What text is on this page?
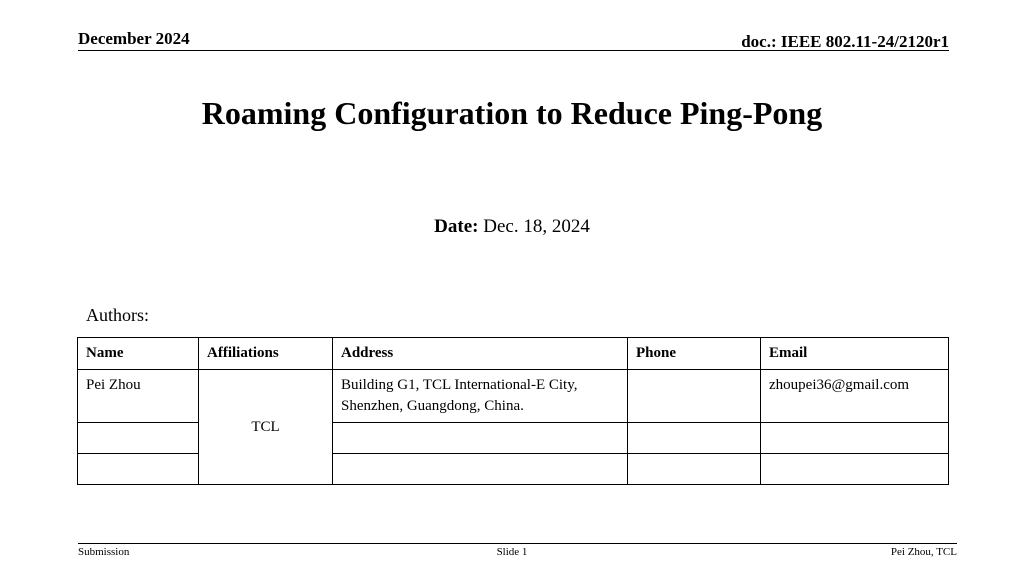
December 2024	doc.: IEEE 802.11-24/2120r1
Roaming Configuration to Reduce Ping-Pong
Date: Dec. 18, 2024
Authors:
Name	Affiliations	Address	Phone	Email
Pei Zhou	TCL	Building G1, TCL International-E City, Shenzhen, Guangdong, China.		zhoupei36@gmail.com

Submission	Slide 1	Pei Zhou, TCL
